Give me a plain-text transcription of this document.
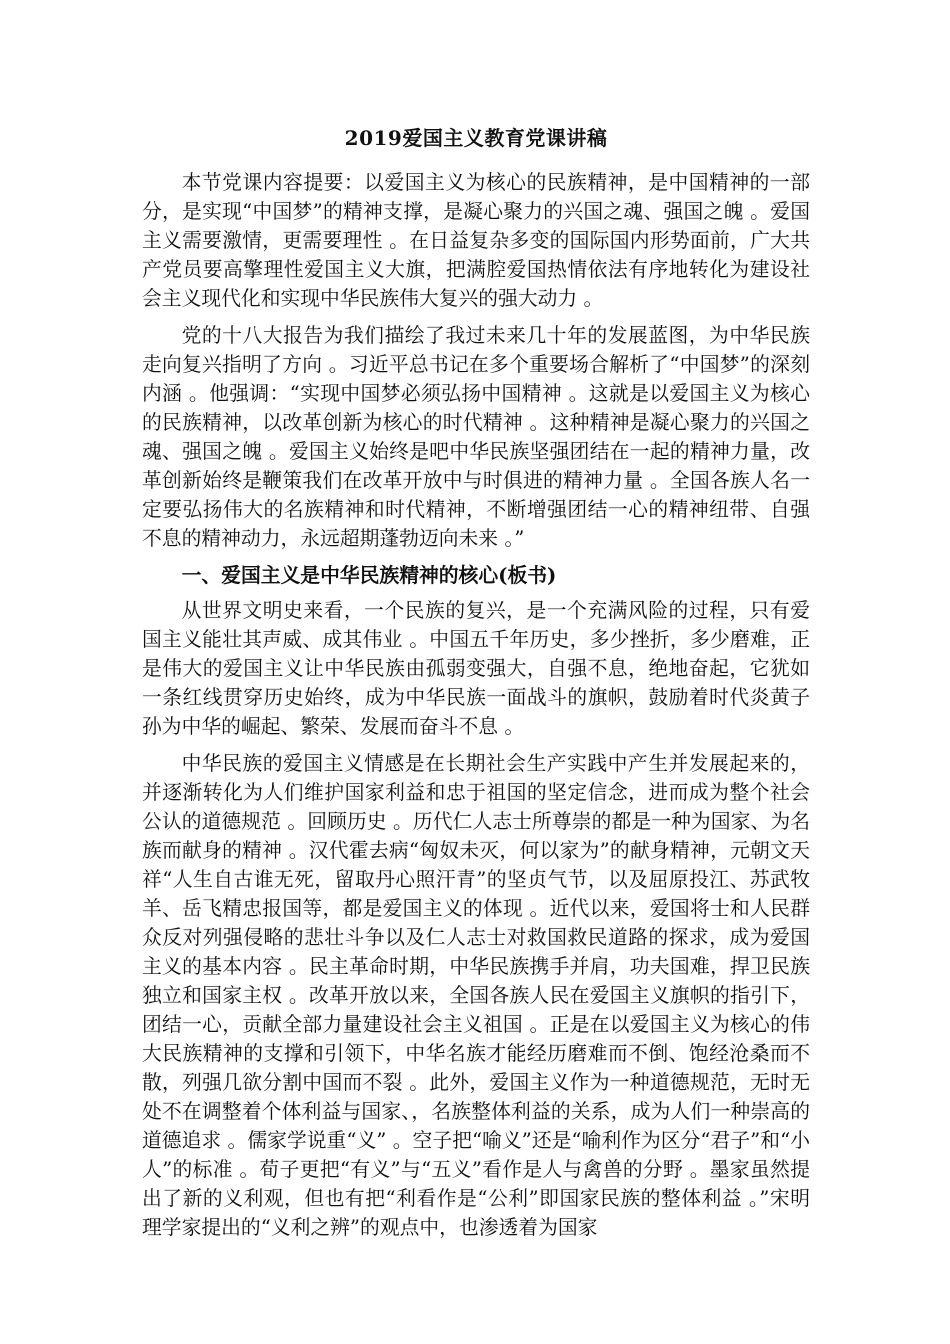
2019爱国主义教育党课讲稿

本节党课内容提要：以爱国主义为核心的民族精神，是中国精神的一部分，是实现“中国梦”的精神支撑，是凝心聚力的兴国之魂、强国之魄 。爱国主义需要激情，更需要理性 。在日益复杂多变的国际国内形势面前，广大共产党员要高擎理性爱国主义大旗，把满腔爱国热情依法有序地转化为建设社会主义现代化和实现中华民族伟大复兴的强大动力 。

党的十八大报告为我们描绘了我过未来几十年的发展蓝图，为中华民族走向复兴指明了方向 。习近平总书记在多个重要场合解析了“中国梦”的深刻内涵 。他强调：“实现中国梦必须弘扬中国精神 。这就是以爱国主义为核心的民族精神，以改革创新为核心的时代精神 。这种精神是凝心聚力的兴国之魂、强国之魄 。爱国主义始终是吧中华民族坚强团结在一起的精神力量，改革创新始终是鞭策我们在改革开放中与时俱进的精神力量 。全国各族人名一定要弘扬伟大的名族精神和时代精神，不断增强团结一心的精神纽带、自强不息的精神动力，永远超期蓬勃迈向未来 。”

一、爱国主义是中华民族精神的核心(板书)

从世界文明史来看，一个民族的复兴，是一个充满风险的过程，只有爱国主义能壮其声威、成其伟业 。中国五千年历史，多少挫折，多少磨难，正是伟大的爱国主义让中华民族由孤弱变强大，自强不息，绝地奋起，它犹如一条红线贯穿历史始终，成为中华民族一面战斗的旗帜，鼓励着时代炎黄子孙为中华的崛起、繁荣、发展而奋斗不息 。

中华民族的爱国主义情感是在长期社会生产实践中产生并发展起来的，并逐渐转化为人们维护国家利益和忠于祖国的坚定信念，进而成为整个社会公认的道德规范 。回顾历史 。历代仁人志士所尊崇的都是一种为国家、为名族而献身的精神 。汉代霍去病“匈奴未灭，何以家为”的献身精神，元朝文天祥“人生自古谁无死，留取丹心照汗青”的坚贞气节，以及屈原投江、苏武牧羊、岳飞精忠报国等，都是爱国主义的体现 。近代以来，爱国将士和人民群众反对列强侵略的悲壮斗争以及仁人志士对救国救民道路的探求，成为爱国主义的基本内容 。民主革命时期，中华民族携手并肩，功夫国难，捍卫民族独立和国家主权 。改革开放以来，全国各族人民在爱国主义旗帜的指引下，团结一心，贡献全部力量建设社会主义祖国 。正是在以爱国主义为核心的伟大民族精神的支撑和引领下，中华名族才能经历磨难而不倒、饱经沧桑而不散，列强几欲分割中国而不裂 。此外，爱国主义作为一种道德规范，无时无处不在调整着个体利益与国家、，名族整体利益的关系，成为人们一种崇高的道德追求 。儒家学说重“义” 。空子把“喻义”还是“喻利作为区分“君子”和“小人”的标准 。荀子更把“有义”与“五义”看作是人与禽兽的分野 。墨家虽然提出了新的义利观，但也有把“利看作是“公利”即国家民族的整体利益 。”宋明理学家提出的“义利之辨”的观点中，也渗透着为国家
